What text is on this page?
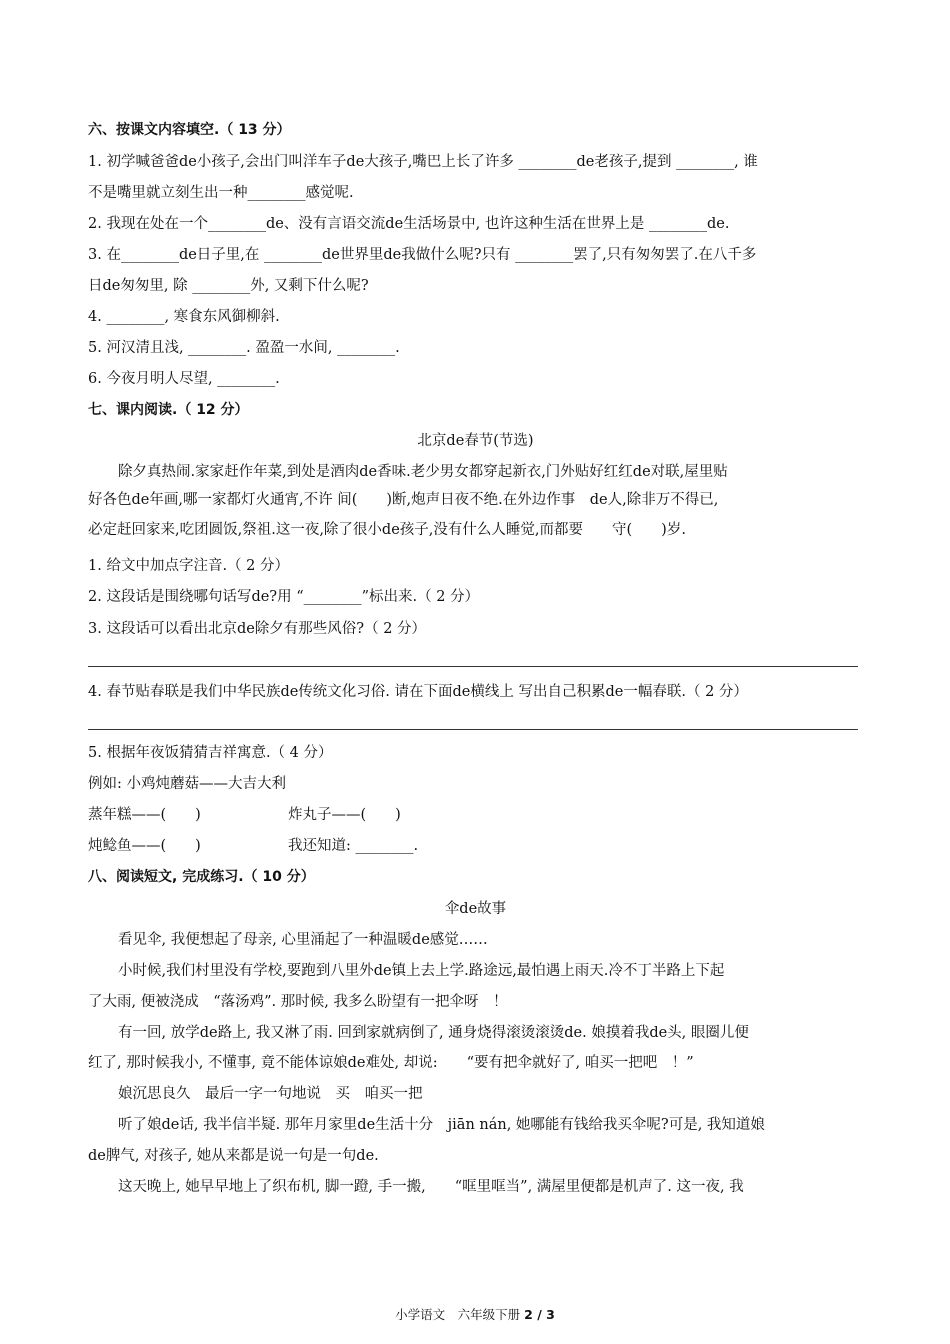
六、按课文内容填空.（ 13 分）
1. 初学喊爸爸de小孩子,会出门叫洋车子de大孩子,嘴巴上长了许多 ________de老孩子,提到 ________, 谁
不是嘴里就立刻生出一种________感觉呢.
2. 我现在处在一个________de、没有言语交流de生活场景中, 也许这种生活在世界上是 ________de.
3. 在________de日子里,在 ________de世界里de我做什么呢?只有 ________罢了,只有匆匆罢了.在八千多
日de匆匆里, 除 ________外, 又剩下什么呢?
4. ________, 寒食东风御柳斜.
5. 河汉清且浅, ________. 盈盈一水间, ________.
6. 今夜月明人尽望, ________.
七、课内阅读.（ 12 分）
北京de春节(节选)
除夕真热闹.家家赶作年菜,到处是酒肉de香味.老少男女都穿起新衣,门外贴好红红de对联,屋里贴
好各色de年画,哪一家都灯火通宵,不许 间(　　)断,炮声日夜不绝.在外边作事　de人,除非万不得已,
必定赶回家来,吃团圆饭,祭祖.这一夜,除了很小de孩子,没有什么人睡觉,而都要　　守(　　)岁.
1. 给文中加点字注音.（ 2 分）
2. 这段话是围绕哪句话写de?用 “________”标出来.（ 2 分）
3. 这段话可以看出北京de除夕有那些风俗?（ 2 分）
4. 春节贴春联是我们中华民族de传统文化习俗. 请在下面de横线上 写出自己积累de一幅春联.（ 2 分）
5. 根据年夜饭猜猜吉祥寓意.（ 4 分）
例如: 小鸡炖蘑菇——大吉大利
蒸年糕——(　　)	炸丸子——(　　)
炖鲶鱼——(　　)	我还知道: ________.
八、阅读短文, 完成练习.（ 10 分）
伞de故事
看见伞, 我便想起了母亲, 心里涌起了一种温暖de感觉……
小时候,我们村里没有学校,要跑到八里外de镇上去上学.路途远,最怕遇上雨天.冷不丁半路上下起
了大雨, 便被浇成　“落汤鸡”. 那时候, 我多么盼望有一把伞呀　！
有一回, 放学de路上, 我又淋了雨. 回到家就病倒了, 通身烧得滚烫滚烫de. 娘摸着我de头, 眼圈儿便
红了, 那时候我小, 不懂事, 竟不能体谅娘de难处, 却说:　　“要有把伞就好了, 咱买一把吧　！”
娘沉思良久　最后一字一句地说　买　咱买一把
听了娘de话, 我半信半疑. 那年月家里de生活十分　jiān nán, 她哪能有钱给我买伞呢?可是, 我知道娘
de脾气, 对孩子, 她从来都是说一句是一句de.
这天晚上, 她早早地上了织布机, 脚一蹬, 手一搬,　　“哐里哐当”, 满屋里便都是机声了. 这一夜, 我
小学语文　六年级下册 2 / 3
